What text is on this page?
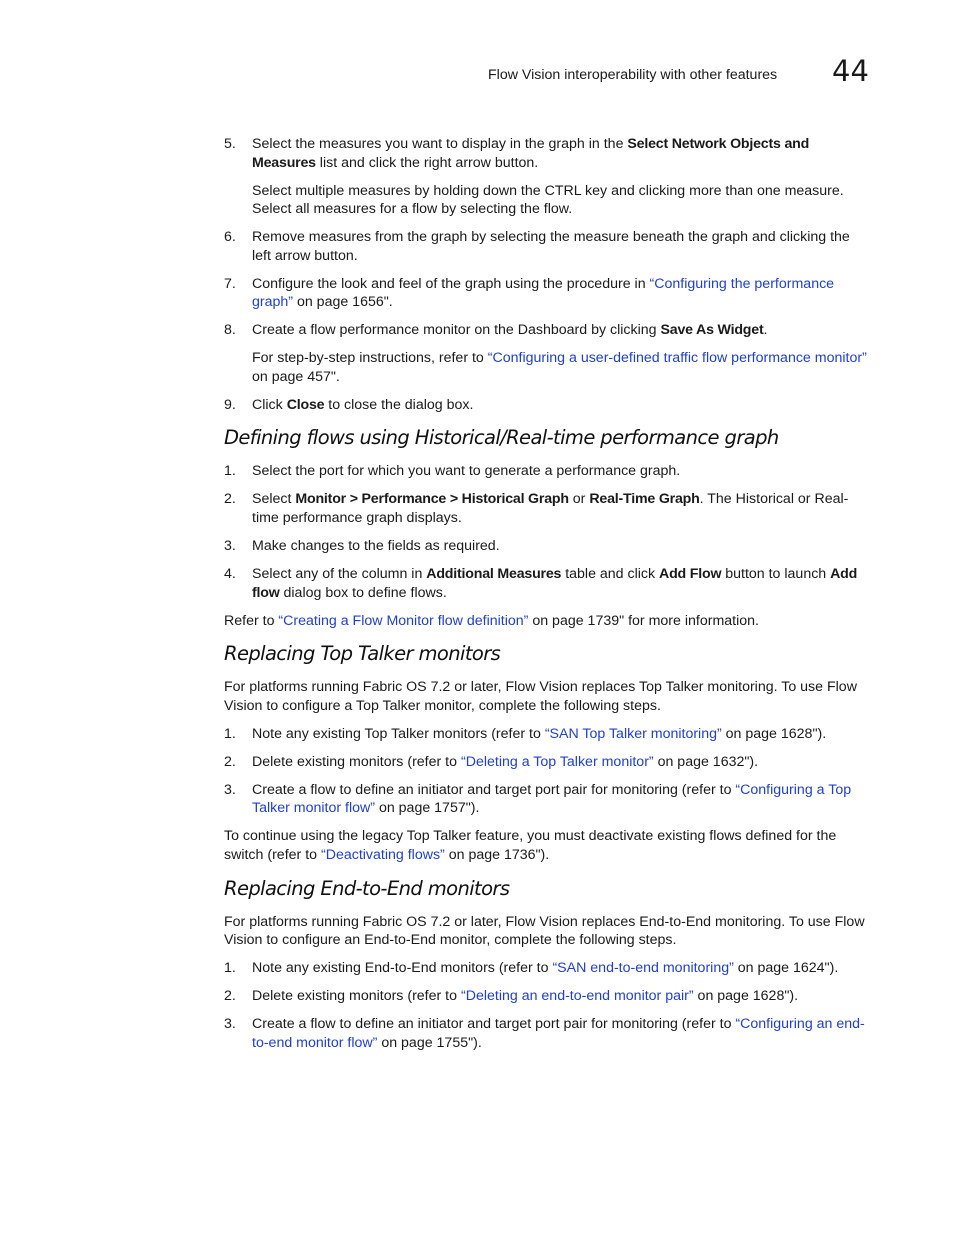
Flow Vision interoperability with other features 44
5. Select the measures you want to display in the graph in the Select Network Objects and Measures list and click the right arrow button.
Select multiple measures by holding down the CTRL key and clicking more than one measure. Select all measures for a flow by selecting the flow.
6. Remove measures from the graph by selecting the measure beneath the graph and clicking the left arrow button.
7. Configure the look and feel of the graph using the procedure in “Configuring the performance graph” on page 1656".
8. Create a flow performance monitor on the Dashboard by clicking Save As Widget.
For step-by-step instructions, refer to “Configuring a user-defined traffic flow performance monitor” on page 457".
9. Click Close to close the dialog box.
Defining flows using Historical/Real-time performance graph
1. Select the port for which you want to generate a performance graph.
2. Select Monitor > Performance > Historical Graph or Real-Time Graph. The Historical or Real-time performance graph displays.
3. Make changes to the fields as required.
4. Select any of the column in Additional Measures table and click Add Flow button to launch Add flow dialog box to define flows.

Refer to “Creating a Flow Monitor flow definition” on page 1739" for more information.

Replacing Top Talker monitors

For platforms running Fabric OS 7.2 or later, Flow Vision replaces Top Talker monitoring. To use Flow Vision to configure a Top Talker monitor, complete the following steps.

1. Note any existing Top Talker monitors (refer to “SAN Top Talker monitoring” on page 1628").
2. Delete existing monitors (refer to “Deleting a Top Talker monitor” on page 1632").
3. Create a flow to define an initiator and target port pair for monitoring (refer to “Configuring a Top Talker monitor flow” on page 1757").

To continue using the legacy Top Talker feature, you must deactivate existing flows defined for the switch (refer to “Deactivating flows” on page 1736").

Replacing End-to-End monitors

For platforms running Fabric OS 7.2 or later, Flow Vision replaces End-to-End monitoring. To use Flow Vision to configure an End-to-End monitor, complete the following steps.

1. Note any existing End-to-End monitors (refer to “SAN end-to-end monitoring” on page 1624").
2. Delete existing monitors (refer to “Deleting an end-to-end monitor pair” on page 1628").
3. Create a flow to define an initiator and target port pair for monitoring (refer to “Configuring an end-to-end monitor flow” on page 1755").
